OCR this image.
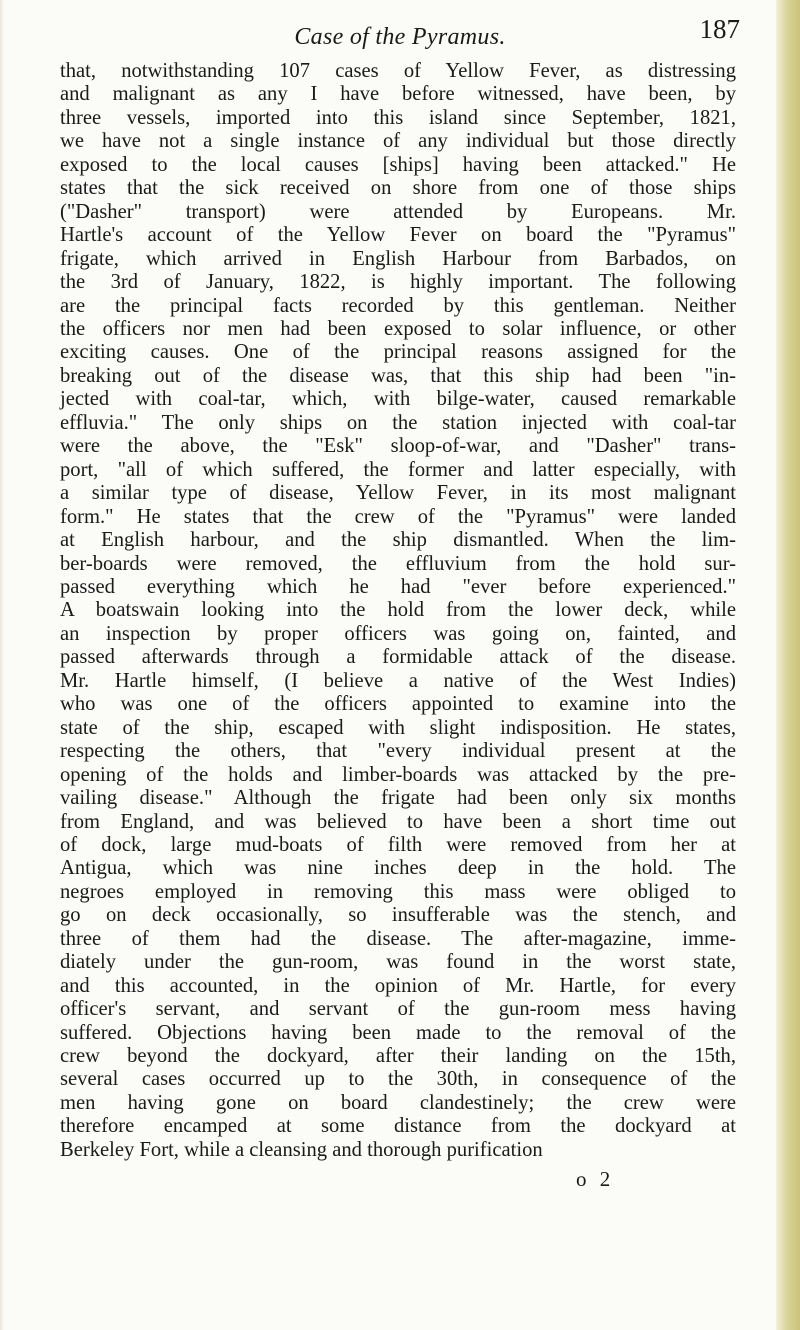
Case of the Pyramus.	187
that, notwithstanding 107 cases of Yellow Fever, as distressing
and malignant as any I have before witnessed, have been, by
three vessels, imported into this island since September, 1821,
we have not a single instance of any individual but those directly
exposed to the local causes [ships] having been attacked." He
states that the sick received on shore from one of those ships
("Dasher" transport) were attended by Europeans. Mr.
Hartle's account of the Yellow Fever on board the "Pyramus"
frigate, which arrived in English Harbour from Barbados, on
the 3rd of January, 1822, is highly important. The following
are the principal facts recorded by this gentleman. Neither
the officers nor men had been exposed to solar influence, or other
exciting causes. One of the principal reasons assigned for the
breaking out of the disease was, that this ship had been "in-
jected with coal-tar, which, with bilge-water, caused remarkable
effluvia." The only ships on the station injected with coal-tar
were the above, the "Esk" sloop-of-war, and "Dasher" trans-
port, "all of which suffered, the former and latter especially, with
a similar type of disease, Yellow Fever, in its most malignant
form." He states that the crew of the "Pyramus" were landed
at English harbour, and the ship dismantled. When the lim-
ber-boards were removed, the effluvium from the hold sur-
passed everything which he had "ever before experienced."
A boatswain looking into the hold from the lower deck, while
an inspection by proper officers was going on, fainted, and
passed afterwards through a formidable attack of the disease.
Mr. Hartle himself, (I believe a native of the West Indies)
who was one of the officers appointed to examine into the
state of the ship, escaped with slight indisposition. He states,
respecting the others, that "every individual present at the
opening of the holds and limber-boards was attacked by the pre-
vailing disease." Although the frigate had been only six months
from England, and was believed to have been a short time out
of dock, large mud-boats of filth were removed from her at
Antigua, which was nine inches deep in the hold. The
negroes employed in removing this mass were obliged to
go on deck occasionally, so insufferable was the stench, and
three of them had the disease. The after-magazine, imme-
diately under the gun-room, was found in the worst state,
and this accounted, in the opinion of Mr. Hartle, for every
officer's servant, and servant of the gun-room mess having
suffered. Objections having been made to the removal of the
crew beyond the dockyard, after their landing on the 15th,
several cases occurred up to the 30th, in consequence of the
men having gone on board clandestinely; the crew were
therefore encamped at some distance from the dockyard at
Berkeley Fort, while a cleansing and thorough purification
o 2
